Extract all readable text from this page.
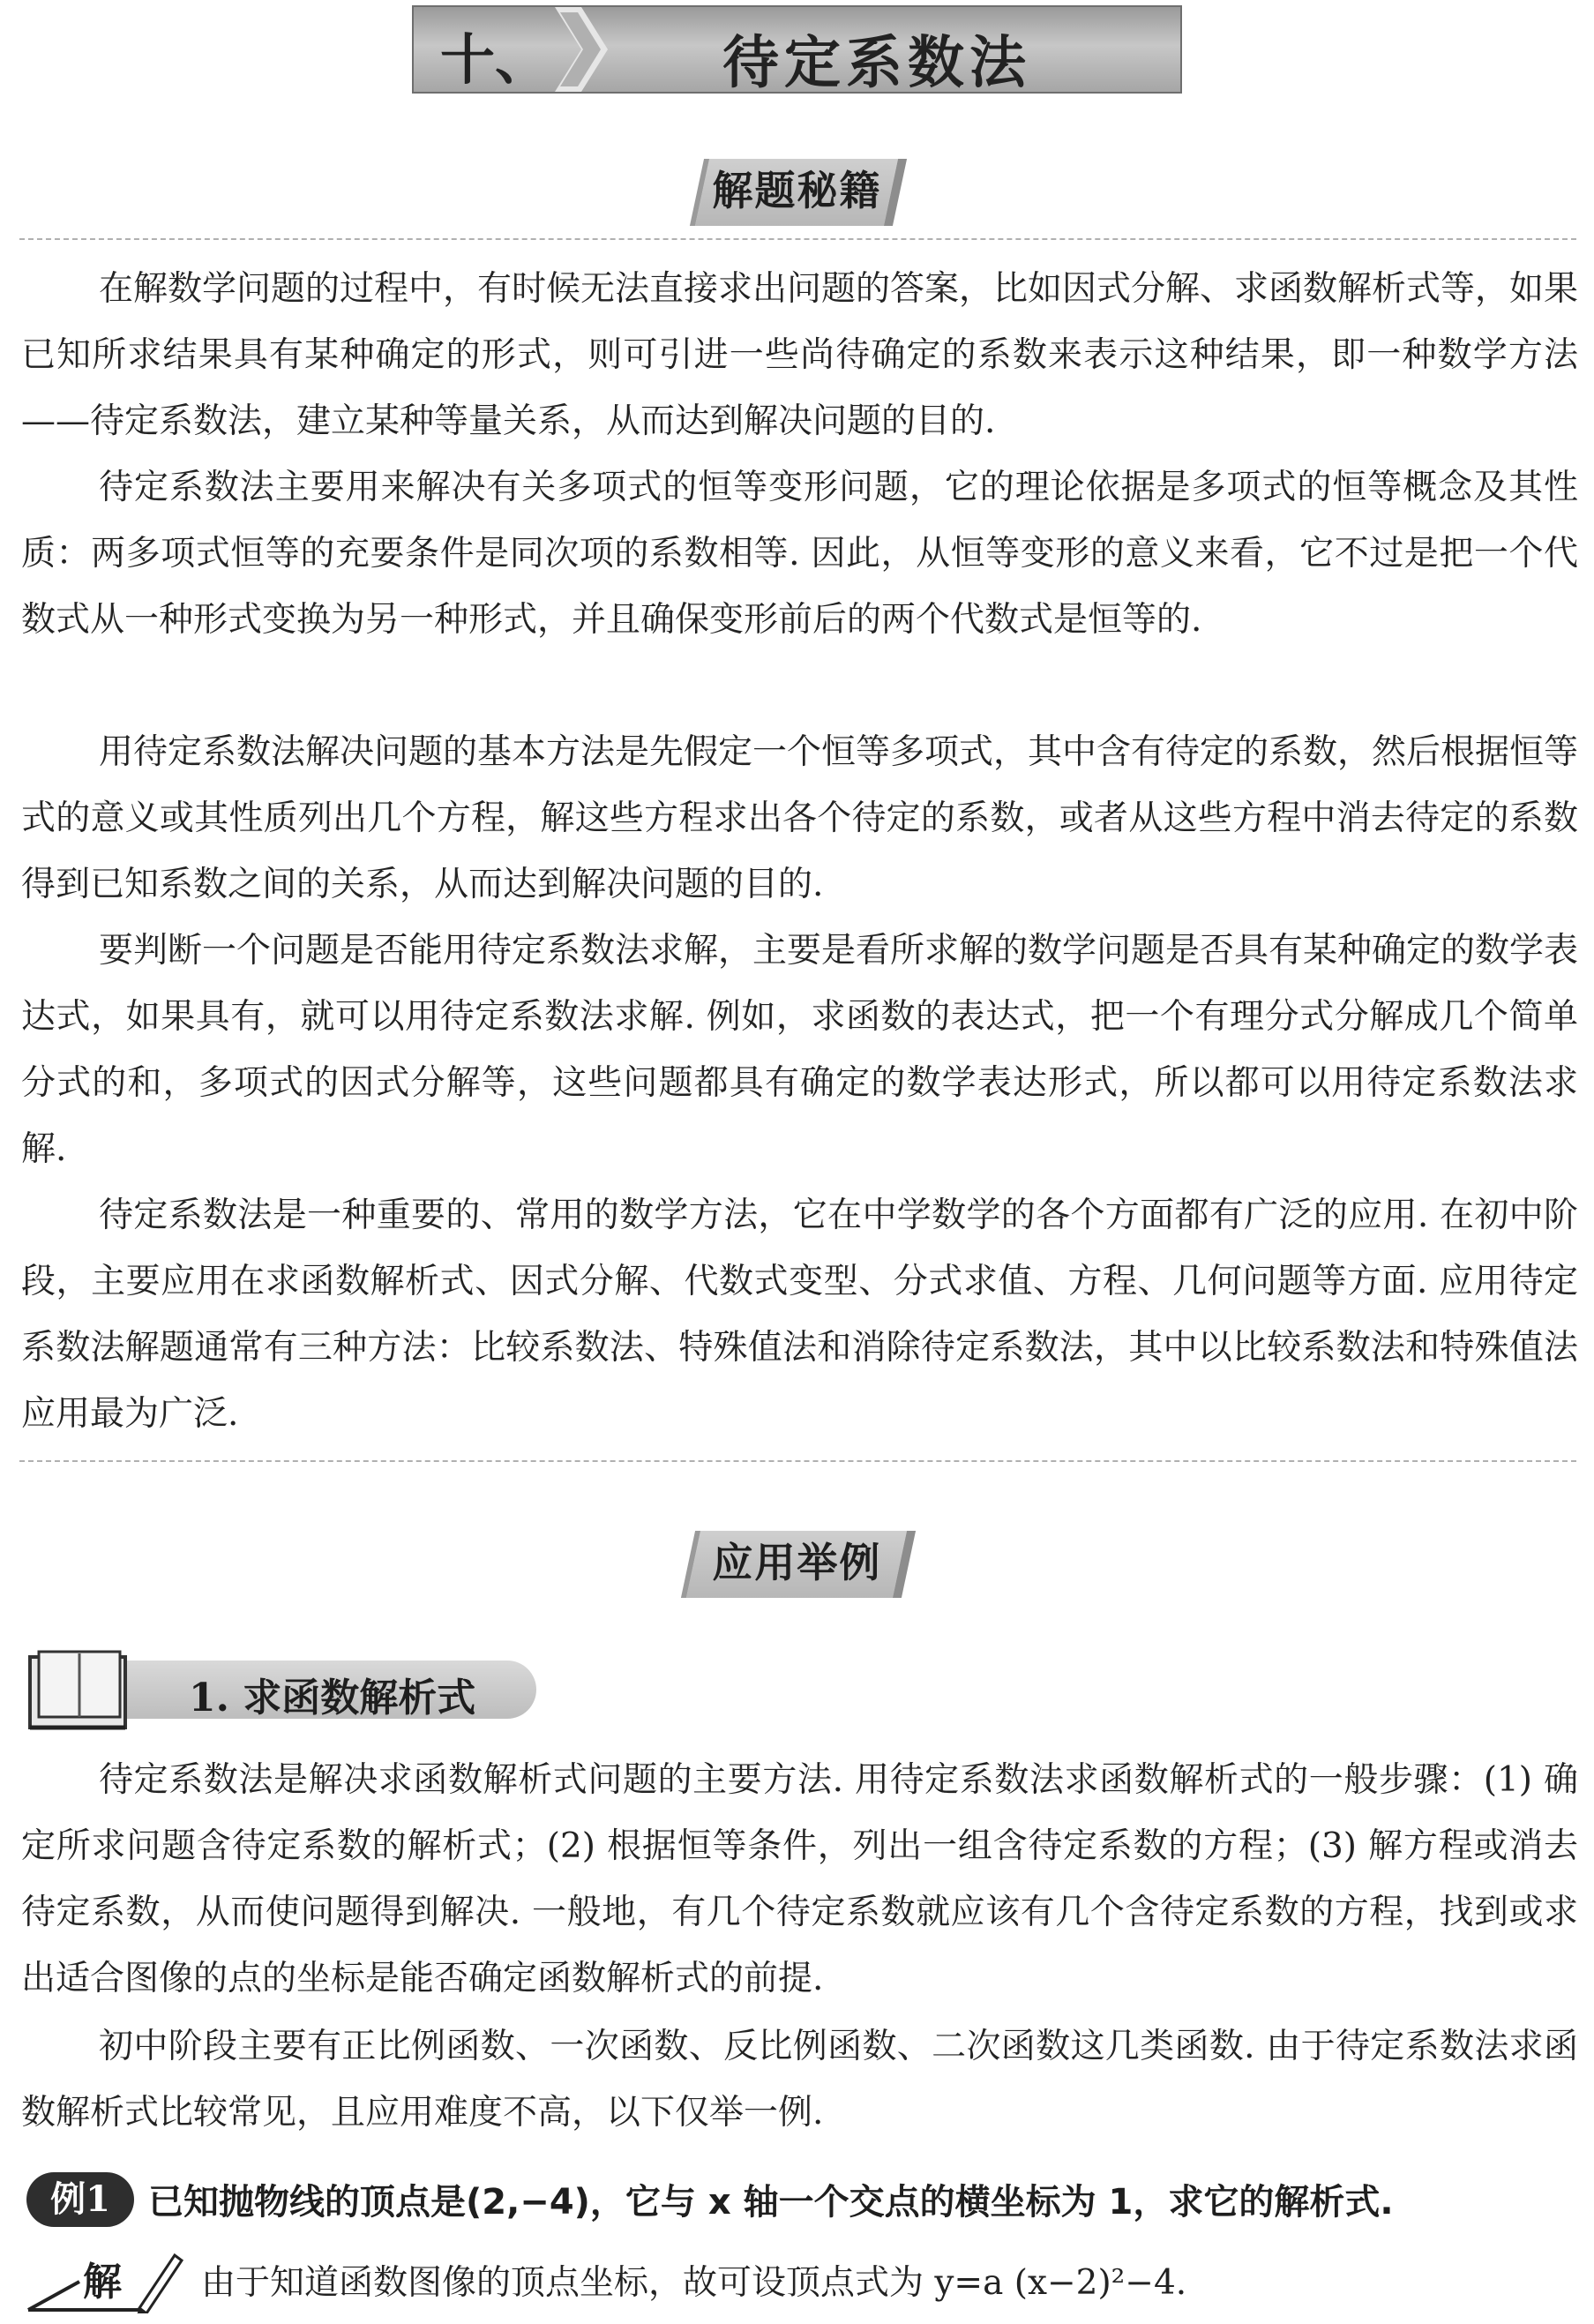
十、	待定系数法
解题秘籍

在解数学问题的过程中，有时候无法直接求出问题的答案，比如因式分解、求函数解析式等，如果已知所求结果具有某种确定的形式，则可引进一些尚待确定的系数来表示这种结果，即一种数学方法——待定系数法，建立某种等量关系，从而达到解决问题的目的.

待定系数法主要用来解决有关多项式的恒等变形问题，它的理论依据是多项式的恒等概念及其性质：两多项式恒等的充要条件是同次项的系数相等. 因此，从恒等变形的意义来看，它不过是把一个代数式从一种形式变换为另一种形式，并且确保变形前后的两个代数式是恒等的.

用待定系数法解决问题的基本方法是先假定一个恒等多项式，其中含有待定的系数，然后根据恒等式的意义或其性质列出几个方程，解这些方程求出各个待定的系数，或者从这些方程中消去待定的系数得到已知系数之间的关系，从而达到解决问题的目的.

要判断一个问题是否能用待定系数法求解，主要是看所求解的数学问题是否具有某种确定的数学表达式，如果具有，就可以用待定系数法求解. 例如，求函数的表达式，把一个有理分式分解成几个简单分式的和，多项式的因式分解等，这些问题都具有确定的数学表达形式，所以都可以用待定系数法求解.

待定系数法是一种重要的、常用的数学方法，它在中学数学的各个方面都有广泛的应用. 在初中阶段，主要应用在求函数解析式、因式分解、代数式变型、分式求值、方程、几何问题等方面. 应用待定系数法解题通常有三种方法：比较系数法、特殊值法和消除待定系数法，其中以比较系数法和特殊值法应用最为广泛.

应用举例
1. 求函数解析式

待定系数法是解决求函数解析式问题的主要方法. 用待定系数法求函数解析式的一般步骤：(1) 确定所求问题含待定系数的解析式；(2) 根据恒等条件，列出一组含待定系数的方程；(3) 解方程或消去待定系数，从而使问题得到解决. 一般地，有几个待定系数就应该有几个含待定系数的方程，找到或求出适合图像的点的坐标是能否确定函数解析式的前提.

初中阶段主要有正比例函数、一次函数、反比例函数、二次函数这几类函数. 由于待定系数法求函数解析式比较常见，且应用难度不高，以下仅举一例.

例1	已知抛物线的顶点是(2,−4)，它与 x 轴一个交点的横坐标为 1，求它的解析式.
解 由于知道函数图像的顶点坐标，故可设顶点式为 y=a (x−2)²−4.
